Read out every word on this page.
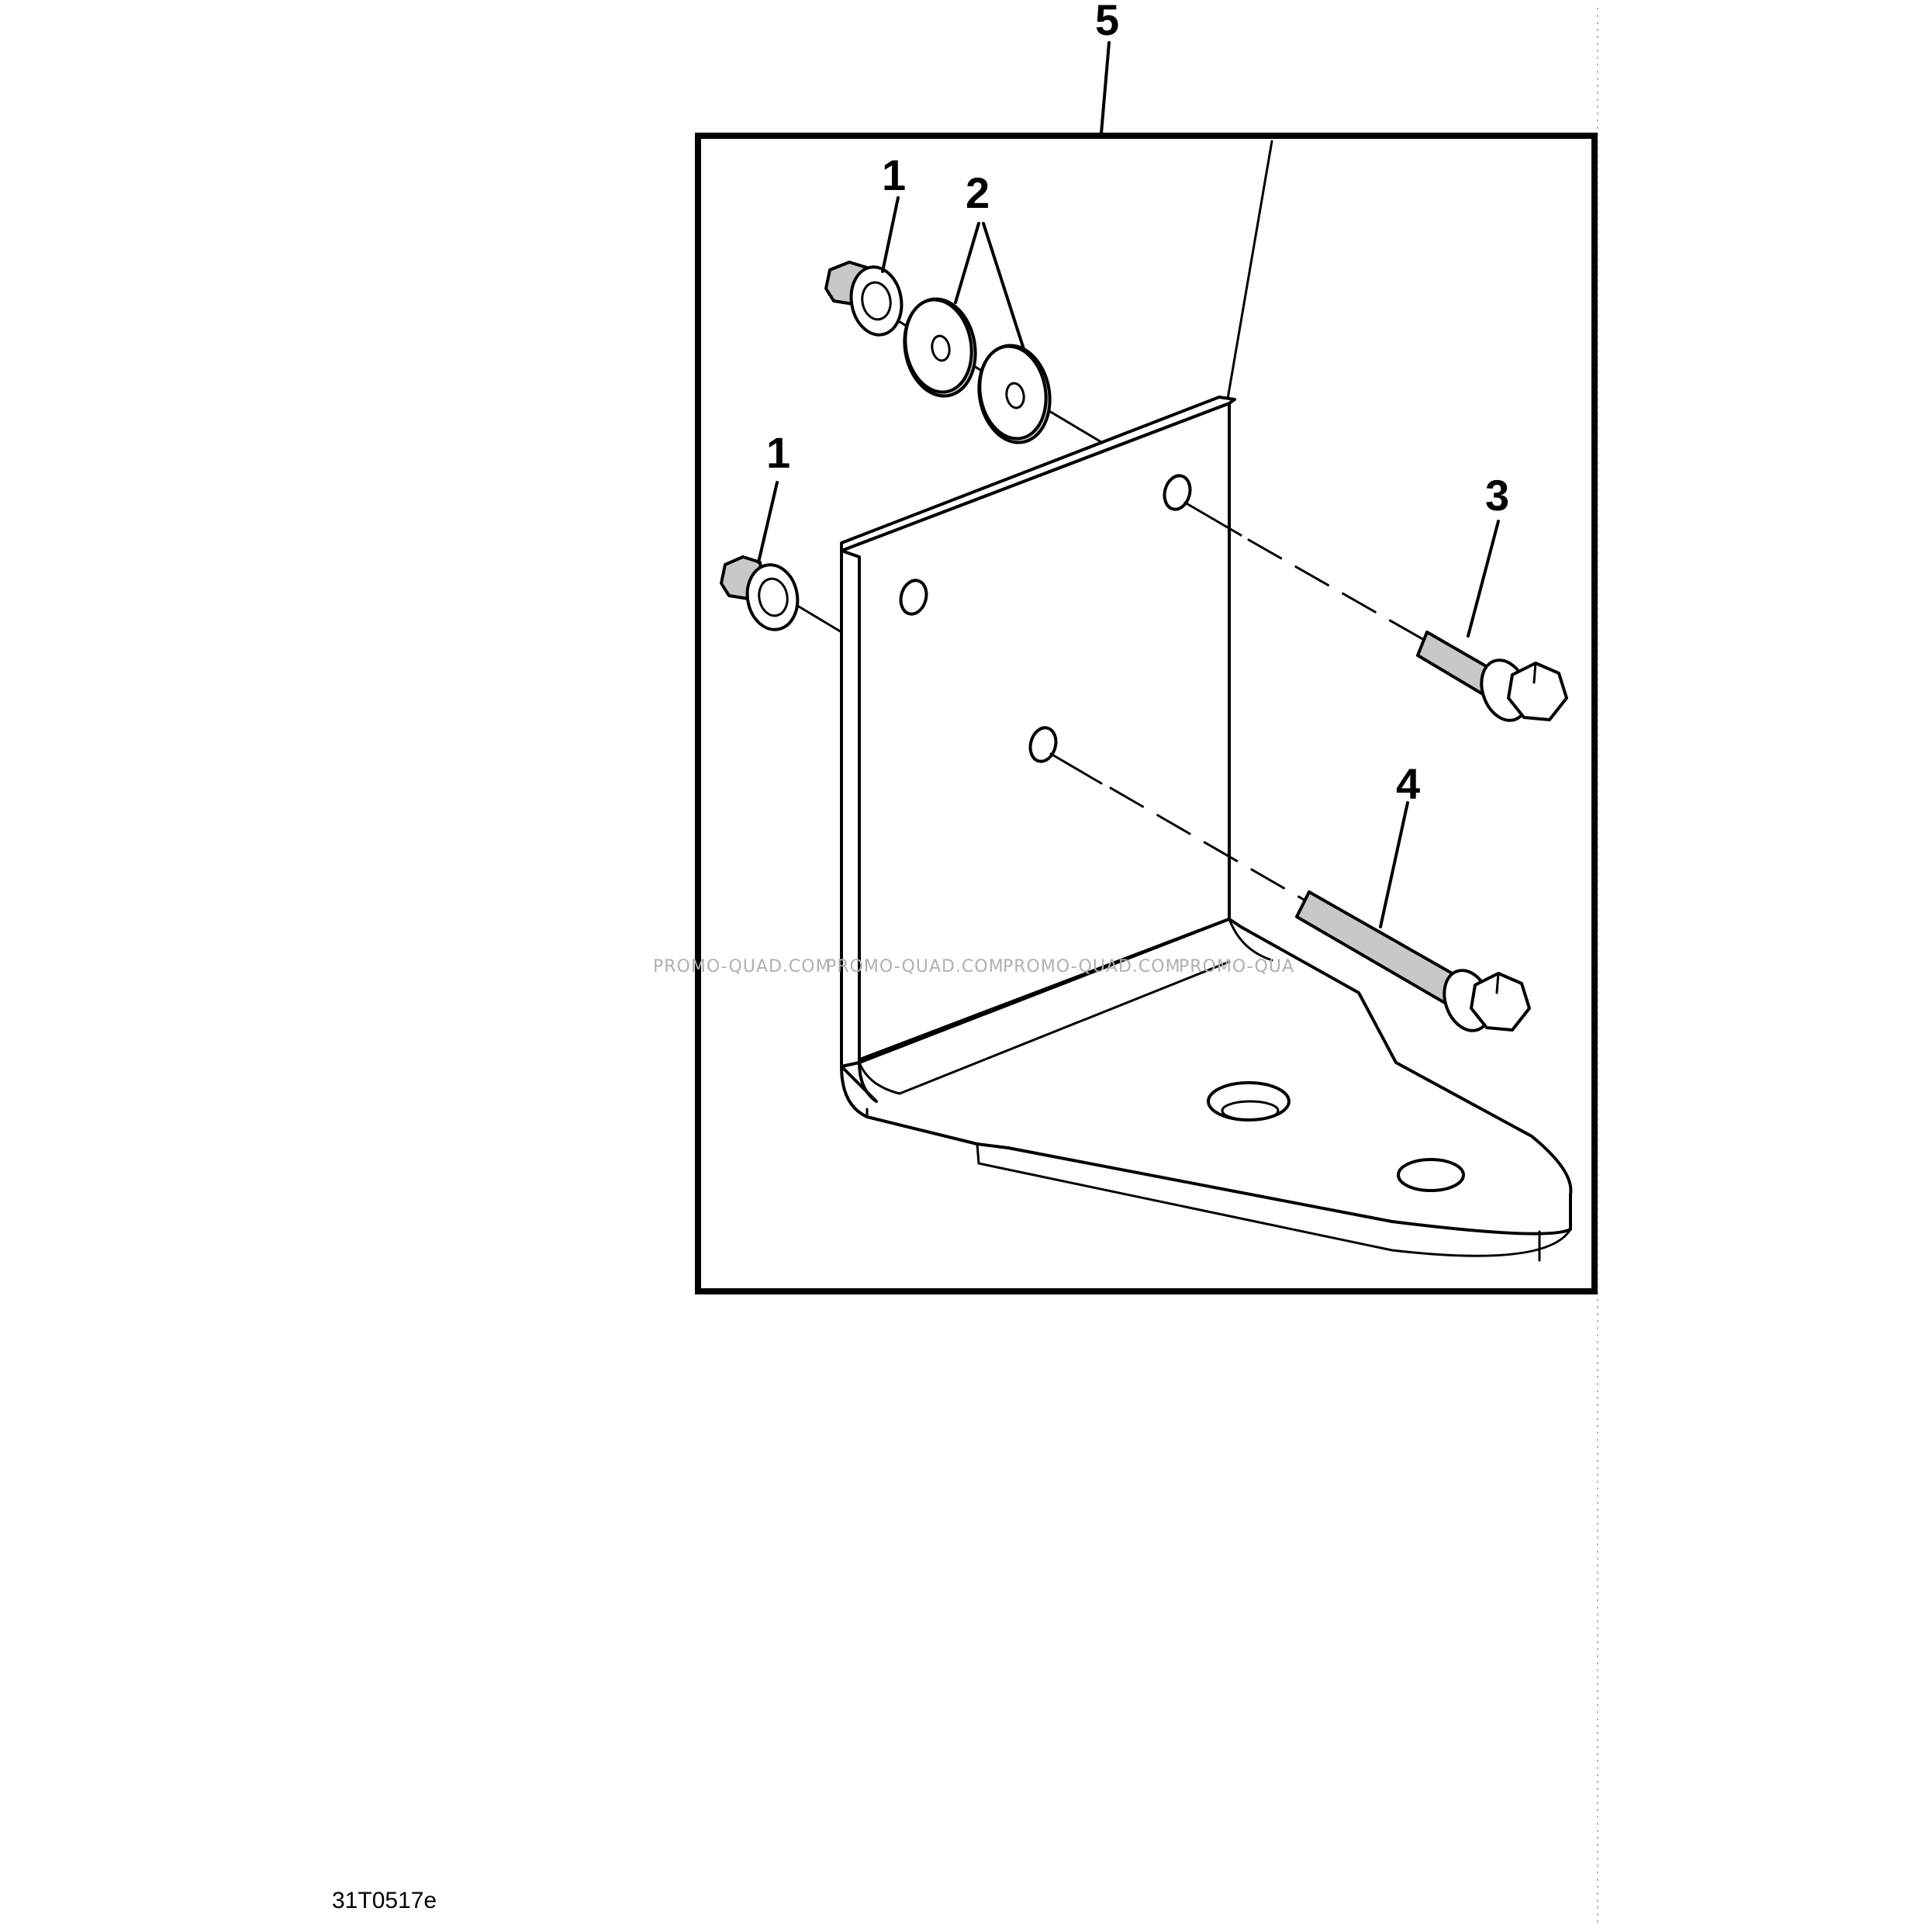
5
1 2
1
3
4
PROMO-QUAD.COM
PROMO-QUAD.COM
PROMO-QUAD.COM
PROMO-QUA
31T0517e
